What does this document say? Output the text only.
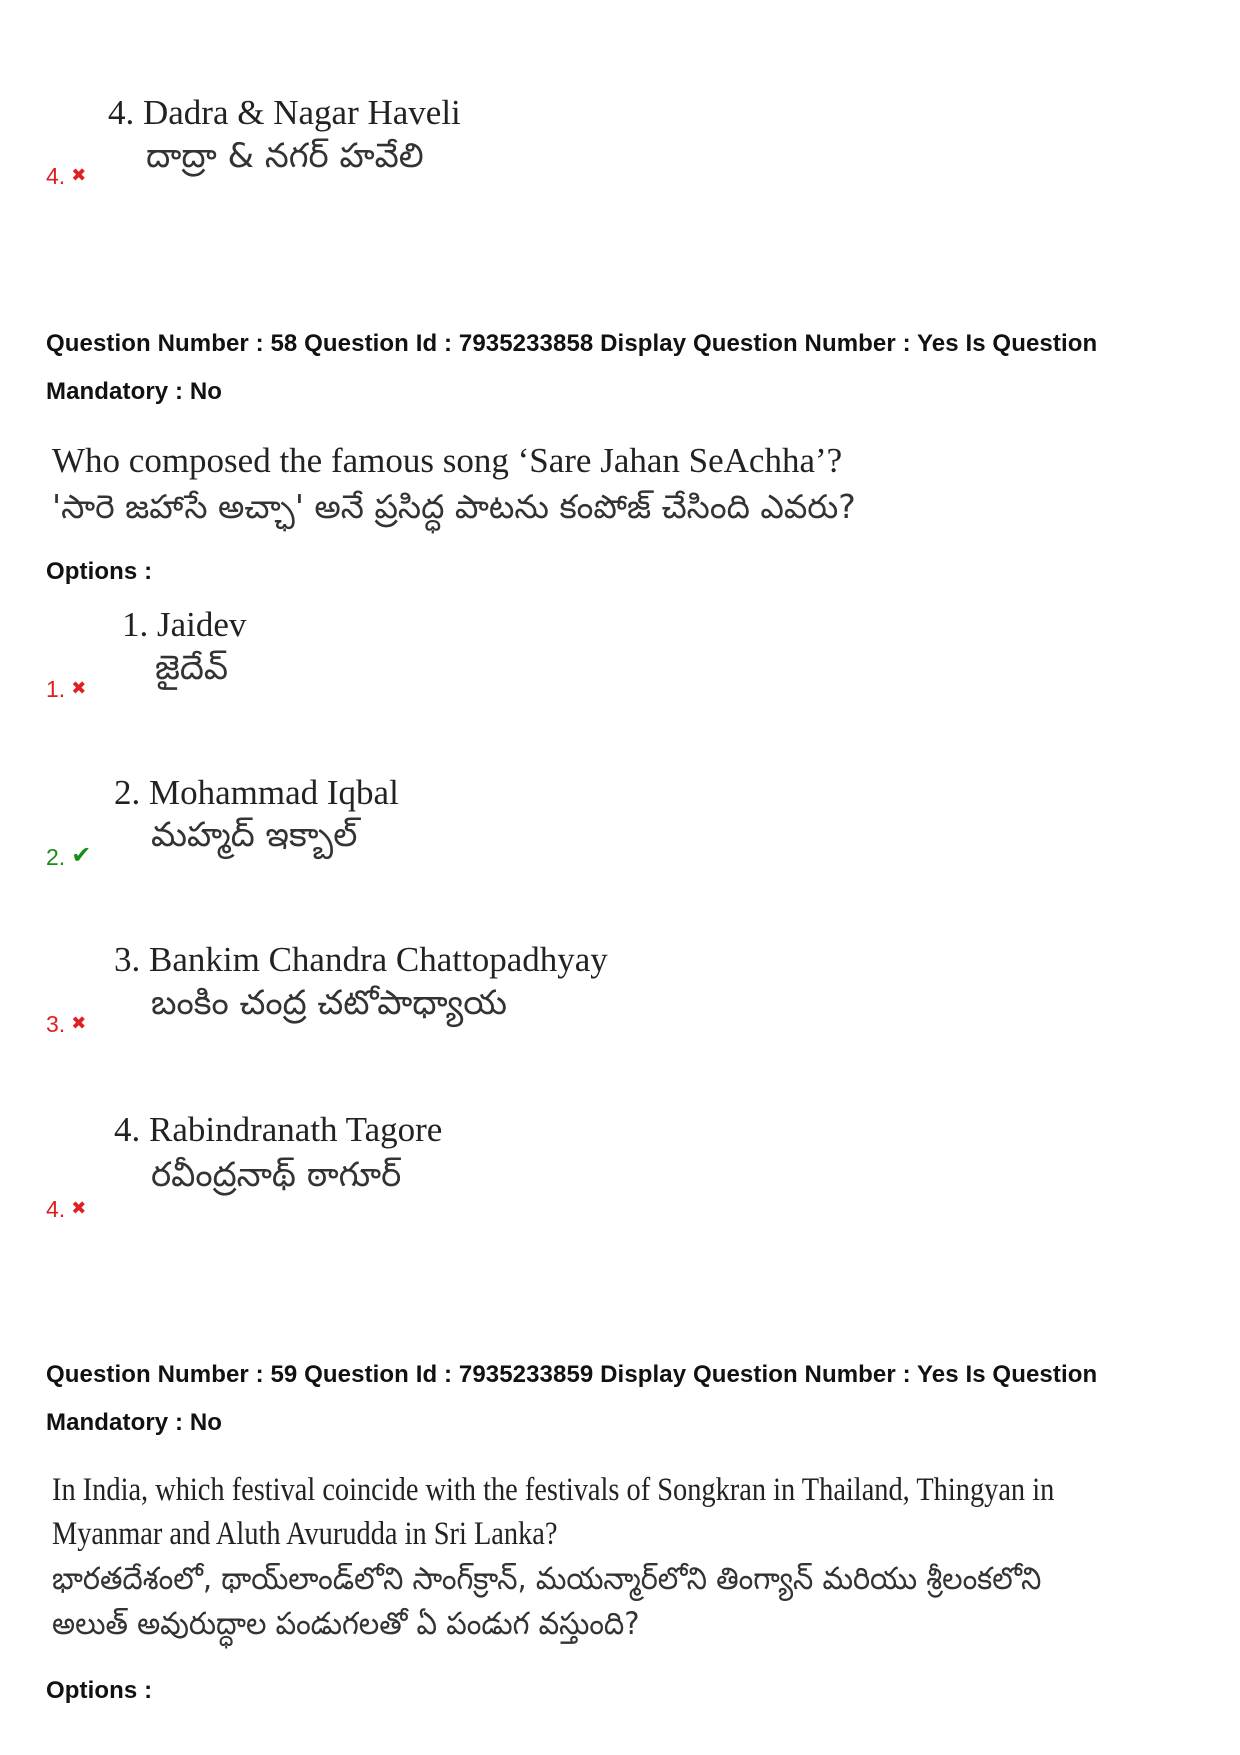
4. Dadra & Nagar Haveli
దాద్రా & నగర్ హవేలి
4. ✖
Question Number : 58 Question Id : 7935233858 Display Question Number : Yes Is Question
Mandatory : No
Who composed the famous song ‘Sare Jahan SeAchha’?
'సారె జహాసే అచ్ఛా' అనే ప్రసిద్ధ పాటను కంపోజ్ చేసింది ఎవరు?
Options :
1. Jaidev
జైదేవ్
1. ✖
2. Mohammad Iqbal
మహ్మద్ ఇక్బాల్
2. ✔
3. Bankim Chandra Chattopadhyay
బంకిం చంద్ర చటోపాధ్యాయ
3. ✖
4. Rabindranath Tagore
రవీంద్రనాథ్ ఠాగూర్
4. ✖
Question Number : 59 Question Id : 7935233859 Display Question Number : Yes Is Question
Mandatory : No
In India, which festival coincide with the festivals of Songkran in Thailand, Thingyan in
Myanmar and Aluth Avurudda in Sri Lanka?
భారతదేశంలో, థాయ్‌లాండ్‌లోని సాంగ్‌క్రాన్, మయన్మార్‌లోని తింగ్యాన్ మరియు శ్రీలంకలోని
అలుత్ అవురుద్ధాల పండుగలతో ఏ పండుగ వస్తుంది?
Options :
